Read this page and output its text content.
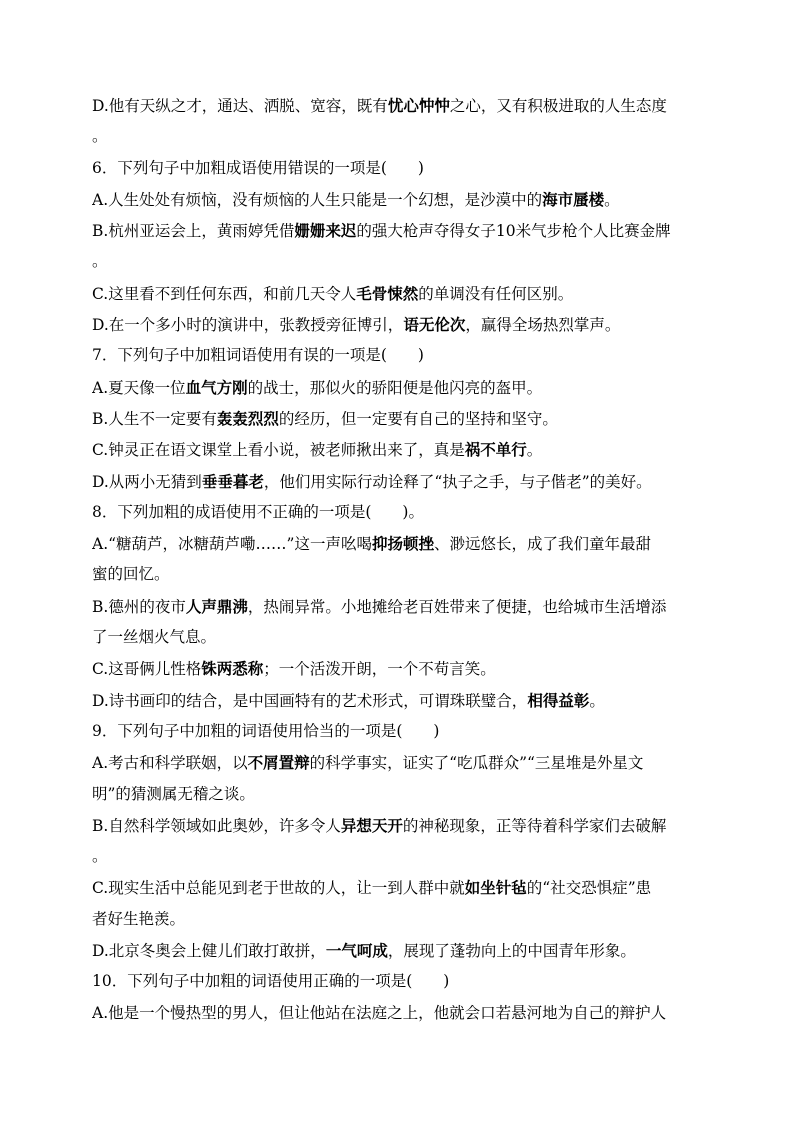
D.他有天纵之才，通达、洒脱、宽容，既有忧心忡忡之心，又有积极进取的人生态度
。
6．下列句子中加粗成语使用错误的一项是(　　)
A.人生处处有烦恼，没有烦恼的人生只能是一个幻想，是沙漠中的海市蜃楼。
B.杭州亚运会上，黄雨婷凭借姗姗来迟的强大枪声夺得女子10米气步枪个人比赛金牌
。
C.这里看不到任何东西，和前几天令人毛骨悚然的单调没有任何区别。
D.在一个多小时的演讲中，张教授旁征博引，语无伦次，赢得全场热烈掌声。
7．下列句子中加粗词语使用有误的一项是(　　)
A.夏天像一位血气方刚的战士，那似火的骄阳便是他闪亮的盔甲。
B.人生不一定要有轰轰烈烈的经历，但一定要有自己的坚持和坚守。
C.钟灵正在语文课堂上看小说，被老师揪出来了，真是祸不单行。
D.从两小无猜到垂垂暮老，他们用实际行动诠释了“执子之手，与子偕老”的美好。
8．下列加粗的成语使用不正确的一项是(　　)。
A.“糖葫芦，冰糖葫芦嘞……”这一声吆喝抑扬顿挫、渺远悠长，成了我们童年最甜
蜜的回忆。
B.德州的夜市人声鼎沸，热闹异常。小地摊给老百姓带来了便捷，也给城市生活增添
了一丝烟火气息。
C.这哥俩儿性格铢两悉称；一个活泼开朗，一个不苟言笑。
D.诗书画印的结合，是中国画特有的艺术形式，可谓珠联璧合，相得益彰。
9．下列句子中加粗的词语使用恰当的一项是(　　)
A.考古和科学联姻，以不屑置辩的科学事实，证实了“吃瓜群众”“三星堆是外星文
明”的猜测属无稽之谈。
B.自然科学领域如此奥妙，许多令人异想天开的神秘现象，正等待着科学家们去破解
。
C.现实生活中总能见到老于世故的人，让一到人群中就如坐针毡的“社交恐惧症”患
者好生艳羡。
D.北京冬奥会上健儿们敢打敢拼，一气呵成，展现了蓬勃向上的中国青年形象。
10．下列句子中加粗的词语使用正确的一项是(　　)
A.他是一个慢热型的男人，但让他站在法庭之上，他就会口若悬河地为自己的辩护人
